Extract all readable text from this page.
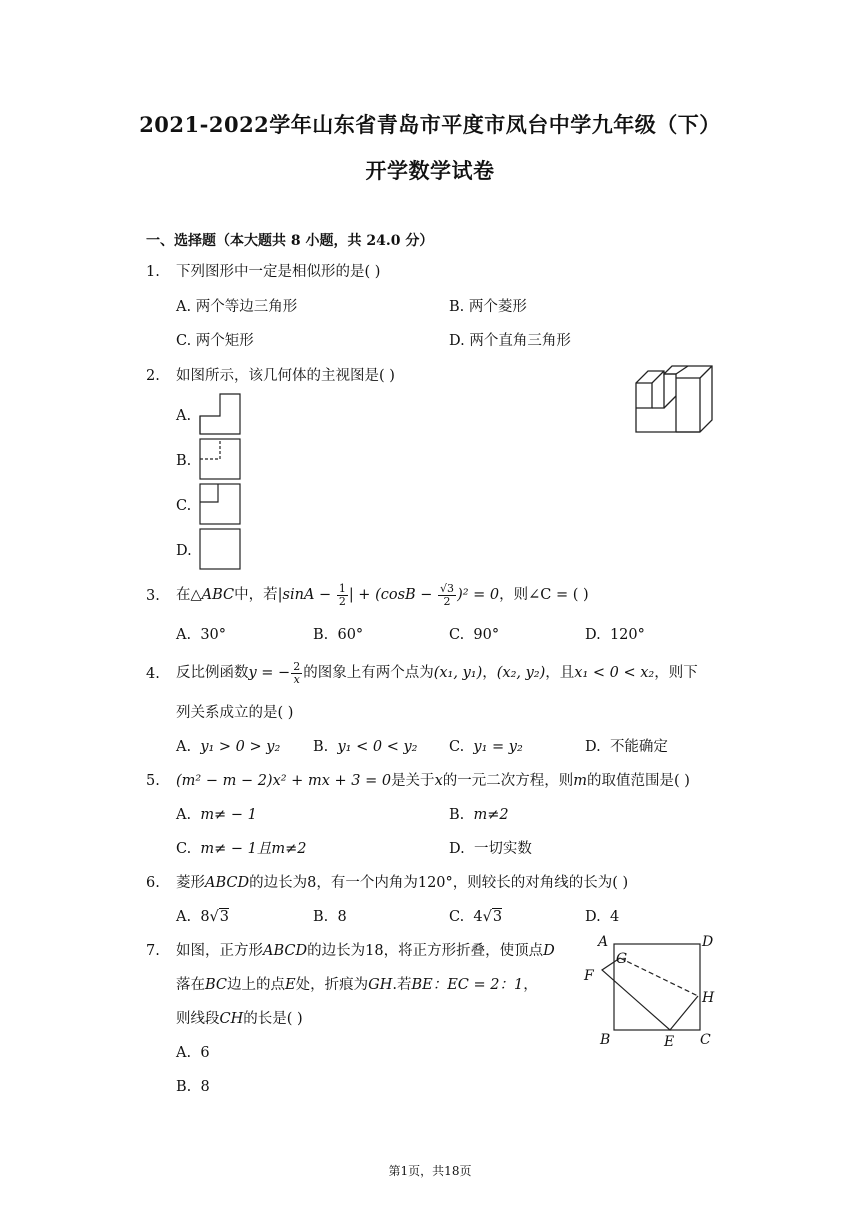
2021-2022学年山东省青岛市平度市凤台中学九年级（下）
开学数学试卷
一、选择题（本大题共 8 小题，共 24.0 分）
1. 下列图形中一定是相似形的是( )
A. 两个等边三角形	B. 两个菱形
C. 两个矩形	D. 两个直角三角形
2. 如图所示，该几何体的主视图是( )
A.
B.
C.
D.
3. 在△ABC中，若$|\sin A - \frac{1}{2}$ | + $(\cos B - \frac{√3}{2} )^2 = 0$，则∠C = ( )
A. 30°	B. 60°	C. 90°	D. 120°
4. 反比例函数y = − $\frac{2}{x}$ 的图象上有两个点为(x₁, y₁)，(x₂, y₂)，且x₁ < 0 < x₂，则下
列关系成立的是( )
A. y₁ > 0 > y₂ B. y₁ < 0 < y₂ C. y₁ = y₂	D. 不能确定
5. (m² − m − 2)x² + mx + 3 = 0是关于x的一元二次方程，则m的取值范围是( )
A. m≠ − 1	B. m≠2
C. m≠ − 1且m≠2	D. 一切实数
6. 菱形ABCD的边长为8，有一个内角为120°，则较长的对角线的长为( )
A. 8√3	B. 8	C. 4√3	D. 4
7. 如图，正方形ABCD的边长为18，将正方形折叠，使顶点D
落在BC边上的点E处，折痕为GH.若BE：EC = 2：1，
则线段CH的长是( )
A. 6
B. 8
A	D
G
F
H
B	E C
第1页，共18页
